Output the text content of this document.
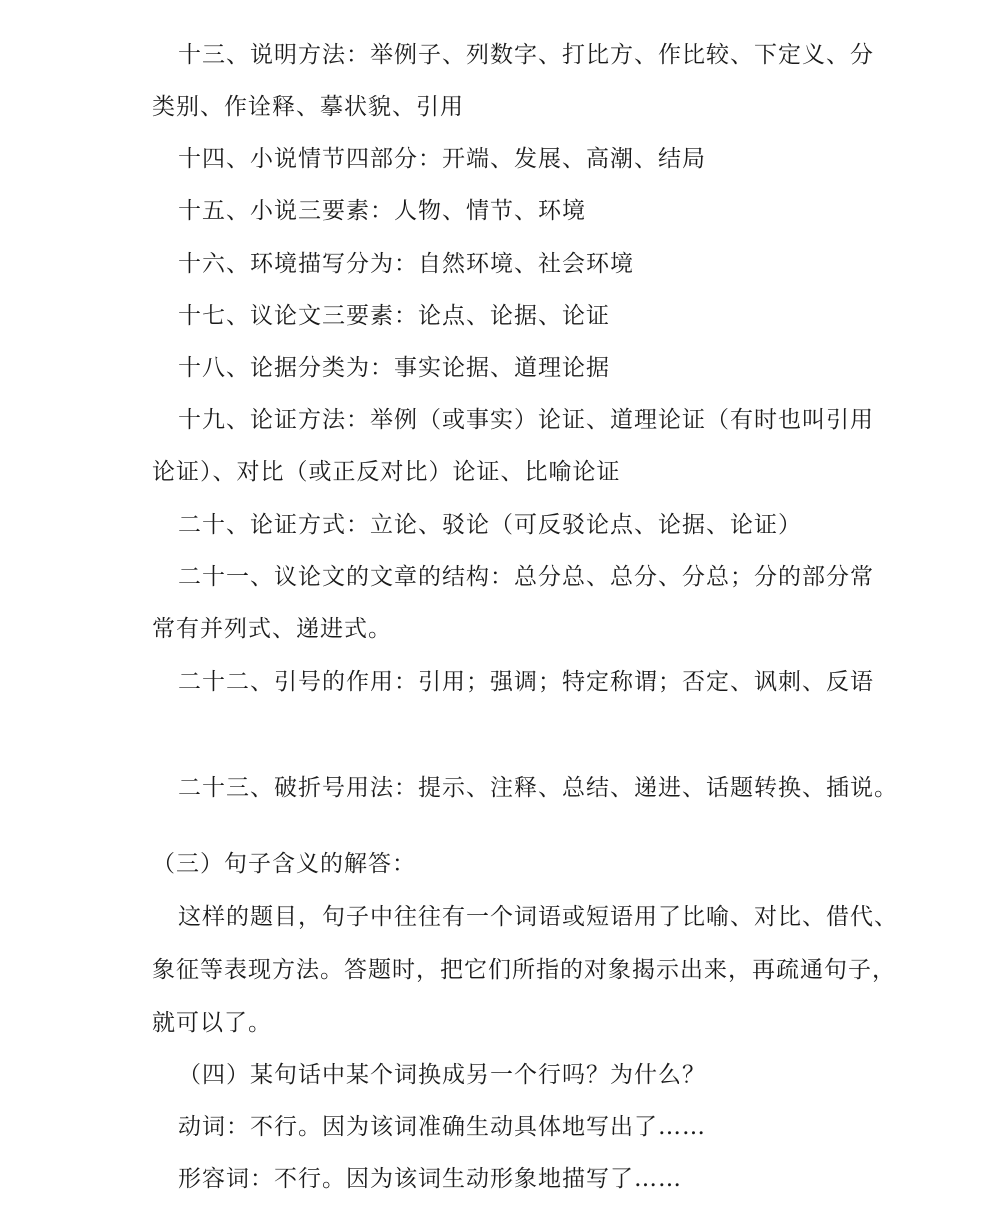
十三、说明方法：举例子、列数字、打比方、作比较、下定义、分

类别、作诠释、摹状貌、引用

十四、小说情节四部分：开端、发展、高潮、结局

十五、小说三要素：人物、情节、环境

十六、环境描写分为：自然环境、社会环境

十七、议论文三要素：论点、论据、论证

十八、论据分类为：事实论据、道理论据

十九、论证方法：举例（或事实）论证、道理论证（有时也叫引用

论证）、对比（或正反对比）论证、比喻论证

二十、论证方式：立论、驳论（可反驳论点、论据、论证）

二十一、议论文的文章的结构：总分总、总分、分总；分的部分常

常有并列式、递进式。

二十二、引号的作用：引用；强调；特定称谓；否定、讽刺、反语

二十三、破折号用法：提示、注释、总结、递进、话题转换、插说。

（三）句子含义的解答：

这样的题目，句子中往往有一个词语或短语用了比喻、对比、借代、

象征等表现方法。答题时，把它们所指的对象揭示出来，再疏通句子，

就可以了。

（四）某句话中某个词换成另一个行吗？为什么？

动词：不行。因为该词准确生动具体地写出了……

形容词：不行。因为该词生动形象地描写了……
